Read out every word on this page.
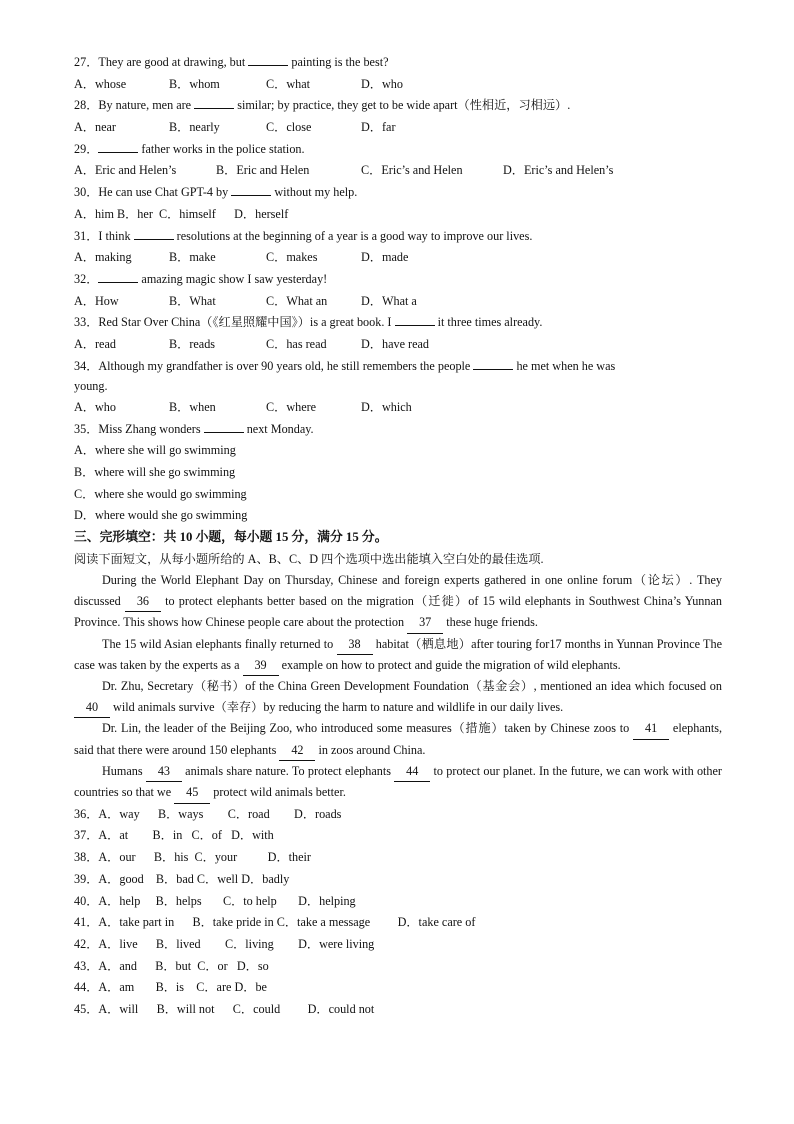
27．They are good at drawing, but	painting is the best?
A．whose	B．whom	C．what	D．who
28．By nature, men are	similar; by practice, they get to be wide apart（性相近，习相远）.
A．near	B．nearly	C．close	D．far
29．	father works in the police station.
A．Eric and Helen’s	B．Eric and Helen	C．Eric’s and Helen	D．Eric’s and Helen’s
30．He can use Chat GPT-4 by	without my help.
A．him B．her  C．himself      D．herself
31．I think	resolutions at the beginning of a year is a good way to improve our lives.
A．making	B．make	C．makes	D．made
32．	amazing magic show I saw yesterday!
A．How	B．What	C．What an	D．What a
33．Red Star Over China（《红星照耀中国》）is a great book. I	it three times already.
A．read	B．reads	C．has read	D．have read
34．Although my grandfather is over 90 years old, he still remembers the people	he met when he was
young.
A．who	B．when	C．where	D．which
35．Miss Zhang wonders	next Monday.
A．where she will go swimming
B．where will she go swimming
C．where she would go swimming
D．where would she go swimming
三、完形填空：共 10 小题，每小题 15 分，满分 15 分。
阅读下面短文，从每小题所给的 A、B、C、D 四个选项中选出能填入空白处的最佳选项.
During the World Elephant Day on Thursday, Chinese and foreign experts gathered in one online forum（论坛）. They discussed 36 to protect elephants better based on the migration（迁徙）of 15 wild elephants in Southwest China’s Yunnan Province. This shows how Chinese people care about the protection 37 these huge friends.
The 15 wild Asian elephants finally returned to 38 habitat（栖息地）after touring for17 months in Yunnan Province The case was taken by the experts as a 39 example on how to protect and guide the migration of wild elephants.
Dr. Zhu, Secretary（秘书）of the China Green Development Foundation（基金会）, mentioned an idea which focused on 40 wild animals survive（幸存）by reducing the harm to nature and wildlife in our daily lives.
Dr. Lin, the leader of the Beijing Zoo, who introduced some measures（措施）taken by Chinese zoos to 41 elephants, said that there were around 150 elephants 42 in zoos around China.
Humans 43 animals share nature. To protect elephants 44 to protect our planet. In the future, we can work with other countries so that we 45 protect wild animals better.
36．A．way      B．ways        C．road        D．roads
37．A．at        B．in   C．of   D．with
38．A．our      B．his  C．your          D．their
39．A．good    B．bad C．well D．badly
40．A．help     B．helps       C．to help       D．helping
41．A．take part in      B．take pride in C．take a message         D．take care of
42．A．live      B．lived        C．living        D．were living
43．A．and      B．but  C．or   D．so
44．A．am       B．is    C．are D．be
45．A．will      B．will not      C．could         D．could not
